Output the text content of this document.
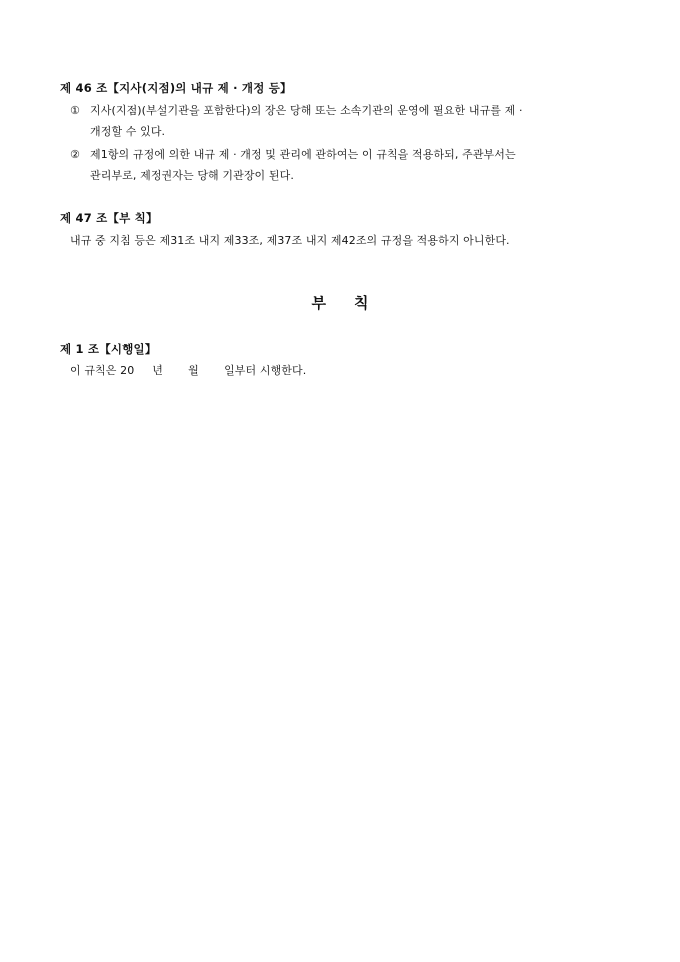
제 46 조【지사(지점)의 내규 제 · 개정 등】
① 지사(지점)(부설기관을 포함한다)의 장은 당해 또는 소속기관의 운영에 필요한 내규를 제 ·
개정할 수 있다.
② 제1항의 규정에 의한 내규 제 · 개정 및 관리에 관하여는 이 규칙을 적용하되, 주관부서는
관리부로, 제정권자는 당해 기관장이 된다.
제 47 조【부 칙】
내규 중 지침 등은 제31조 내지 제33조, 제37조 내지 제42조의 규정을 적용하지 아니한다.
부칙
제 1 조【시행일】
이 규칙은 20     년       월       일부터 시행한다.
